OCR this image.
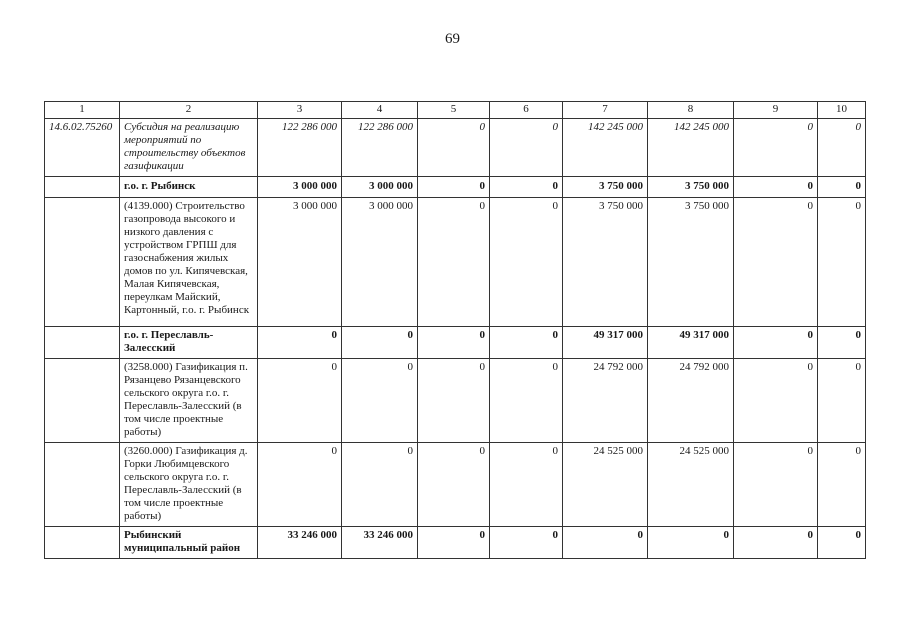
69
1	2	3	4	5	6	7	8	9	10
14.6.02.75260	Субсидия на реализацию мероприятий по строительству объектов газификации	122 286 000	122 286 000	0	0	142 245 000	142 245 000	0	0
	г.о. г. Рыбинск	3 000 000	3 000 000	0	0	3 750 000	3 750 000	0	0
	(4139.000) Строительство газопровода высокого и низкого давления с устройством ГРПШ для газоснабжения жилых домов по ул. Кипячевская, Малая Кипячевская, переулкам Майский, Картонный, г.о. г. Рыбинск	3 000 000	3 000 000	0	0	3 750 000	3 750 000	0	0
	г.о. г. Переславль-Залесский	0	0	0	0	49 317 000	49 317 000	0	0
	(3258.000) Газификация п. Рязанцево Рязанцевского сельского округа г.о. г. Переславль-Залесский (в том числе проектные работы)	0	0	0	0	24 792 000	24 792 000	0	0
	(3260.000) Газификация д. Горки Любимцевского сельского округа г.о. г. Переславль-Залесский (в том числе проектные работы)	0	0	0	0	24 525 000	24 525 000	0	0
	Рыбинский муниципальный район	33 246 000	33 246 000	0	0	0	0	0	0
